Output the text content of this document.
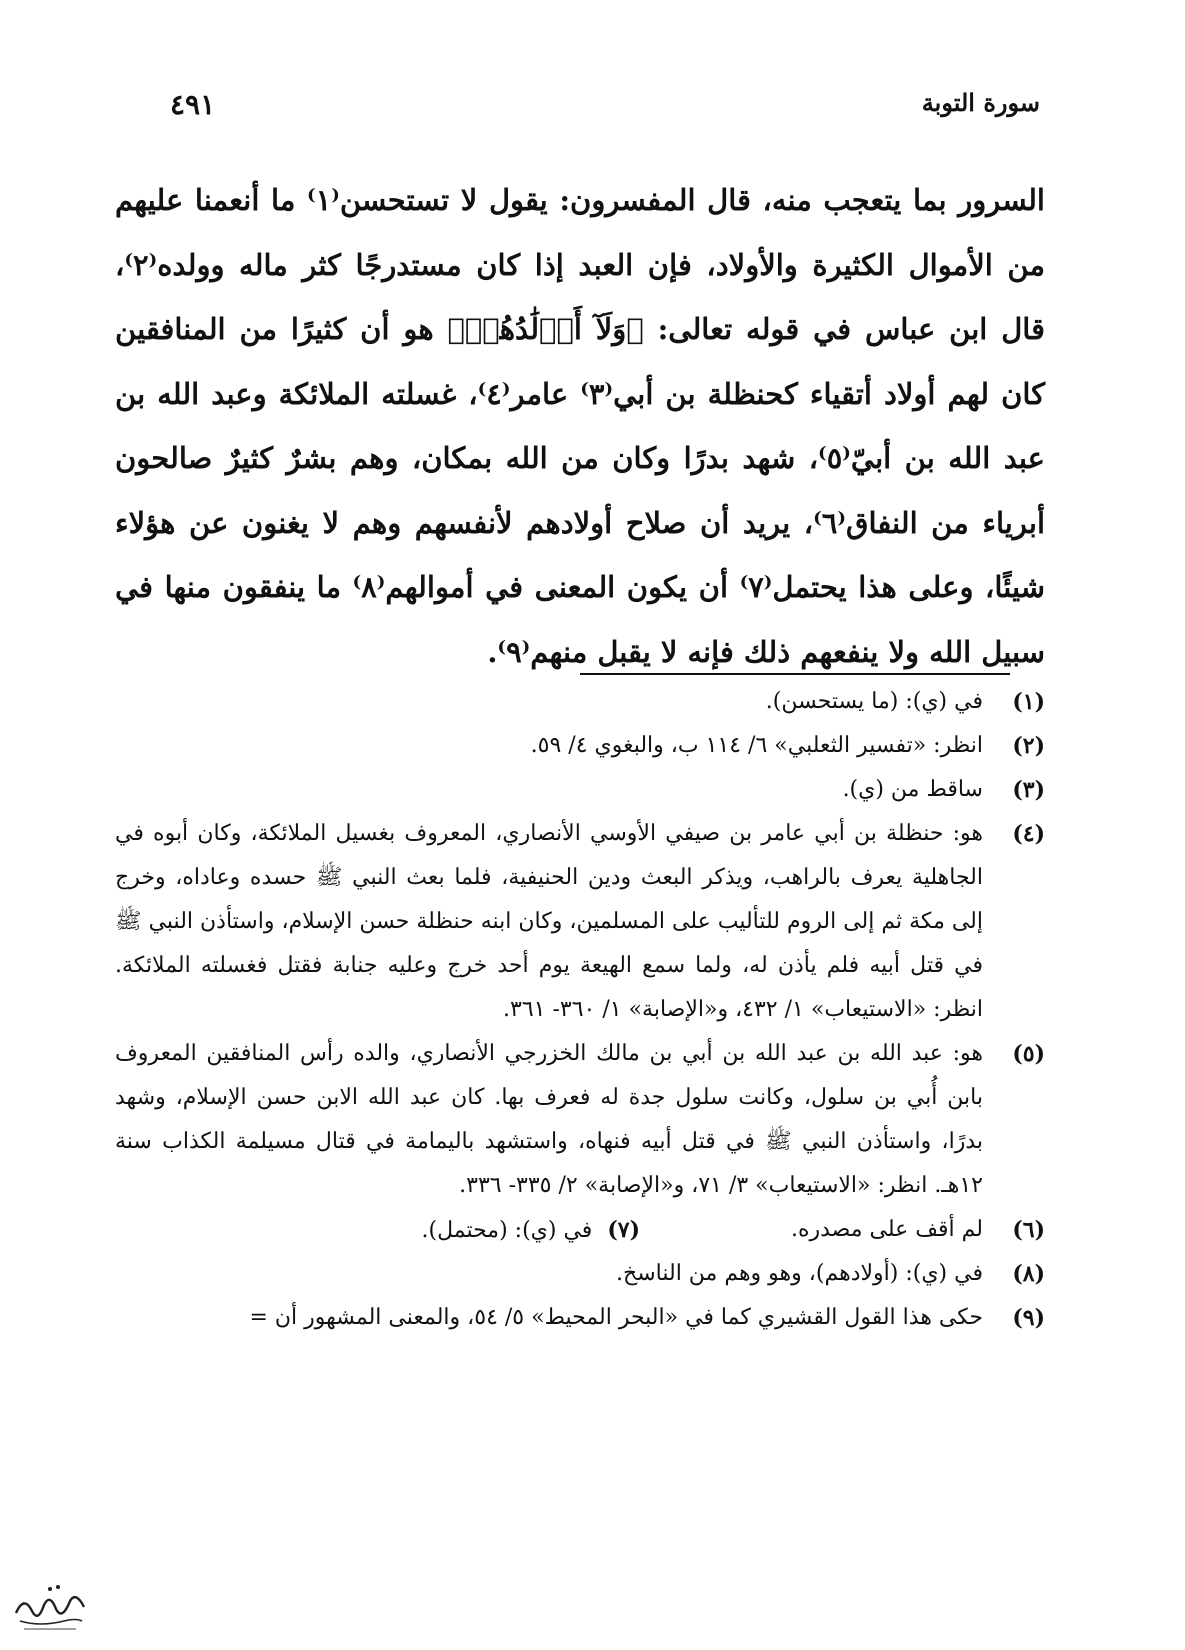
سورة التوبة
٤٩١

السرور بما يتعجب منه، قال المفسرون: يقول لا تستحسن⁽١⁾ ما أنعمنا عليهم من الأموال الكثيرة والأولاد، فإن العبد إذا كان مستدرجًا كثر ماله وولده⁽٢⁾، قال ابن عباس في قوله تعالى: ﴿وَلَآ أَوۡلَٰدُهُمۡ﴾ هو أن كثيرًا من المنافقين كان لهم أولاد أتقياء كحنظلة بن أبي⁽٣⁾ عامر⁽٤⁾، غسلته الملائكة وعبد الله بن عبد الله بن أبيّ⁽٥⁾، شهد بدرًا وكان من الله بمكان، وهم بشرٌ كثيرٌ صالحون أبرياء من النفاق⁽٦⁾، يريد أن صلاح أولادهم لأنفسهم وهم لا يغنون عن هؤلاء شيئًا، وعلى هذا يحتمل⁽٧⁾ أن يكون المعنى في أموالهم⁽٨⁾ ما ينفقون منها في سبيل الله ولا ينفعهم ذلك فإنه لا يقبل منهم⁽٩⁾.

(١)
في (ي): (ما يستحسن).
(٢)
انظر: «تفسير الثعلبي» ٦/ ١١٤ ب، والبغوي ٤/ ٥٩.
(٣)
ساقط من (ي).
(٤)
هو: حنظلة بن أبي عامر بن صيفي الأوسي الأنصاري، المعروف بغسيل الملائكة، وكان أبوه في الجاهلية يعرف بالراهب، ويذكر البعث ودين الحنيفية، فلما بعث النبي ﷺ حسده وعاداه، وخرج إلى مكة ثم إلى الروم للتأليب على المسلمين، وكان ابنه حنظلة حسن الإسلام، واستأذن النبي ﷺ في قتل أبيه فلم يأذن له، ولما سمع الهيعة يوم أحد خرج وعليه جنابة فقتل فغسلته الملائكة. انظر: «الاستيعاب» ١/ ٤٣٢، و«الإصابة» ١/ ٣٦٠- ٣٦١.
(٥)
هو: عبد الله بن عبد الله بن أبي بن مالك الخزرجي الأنصاري، والده رأس المنافقين المعروف بابن أُبي بن سلول، وكانت سلول جدة له فعرف بها. كان عبد الله الابن حسن الإسلام، وشهد بدرًا، واستأذن النبي ﷺ في قتل أبيه فنهاه، واستشهد باليمامة في قتال مسيلمة الكذاب سنة ١٢هـ. انظر: «الاستيعاب» ٣/ ٧١، و«الإصابة» ٢/ ٣٣٥- ٣٣٦.
(٦)
لم أقف على مصدره.
(٧) في (ي): (محتمل).
(٨)
في (ي): (أولادهم)، وهو وهم من الناسخ.
(٩)
حكى هذا القول القشيري كما في «البحر المحيط» ٥/ ٥٤، والمعنى المشهور أن =
